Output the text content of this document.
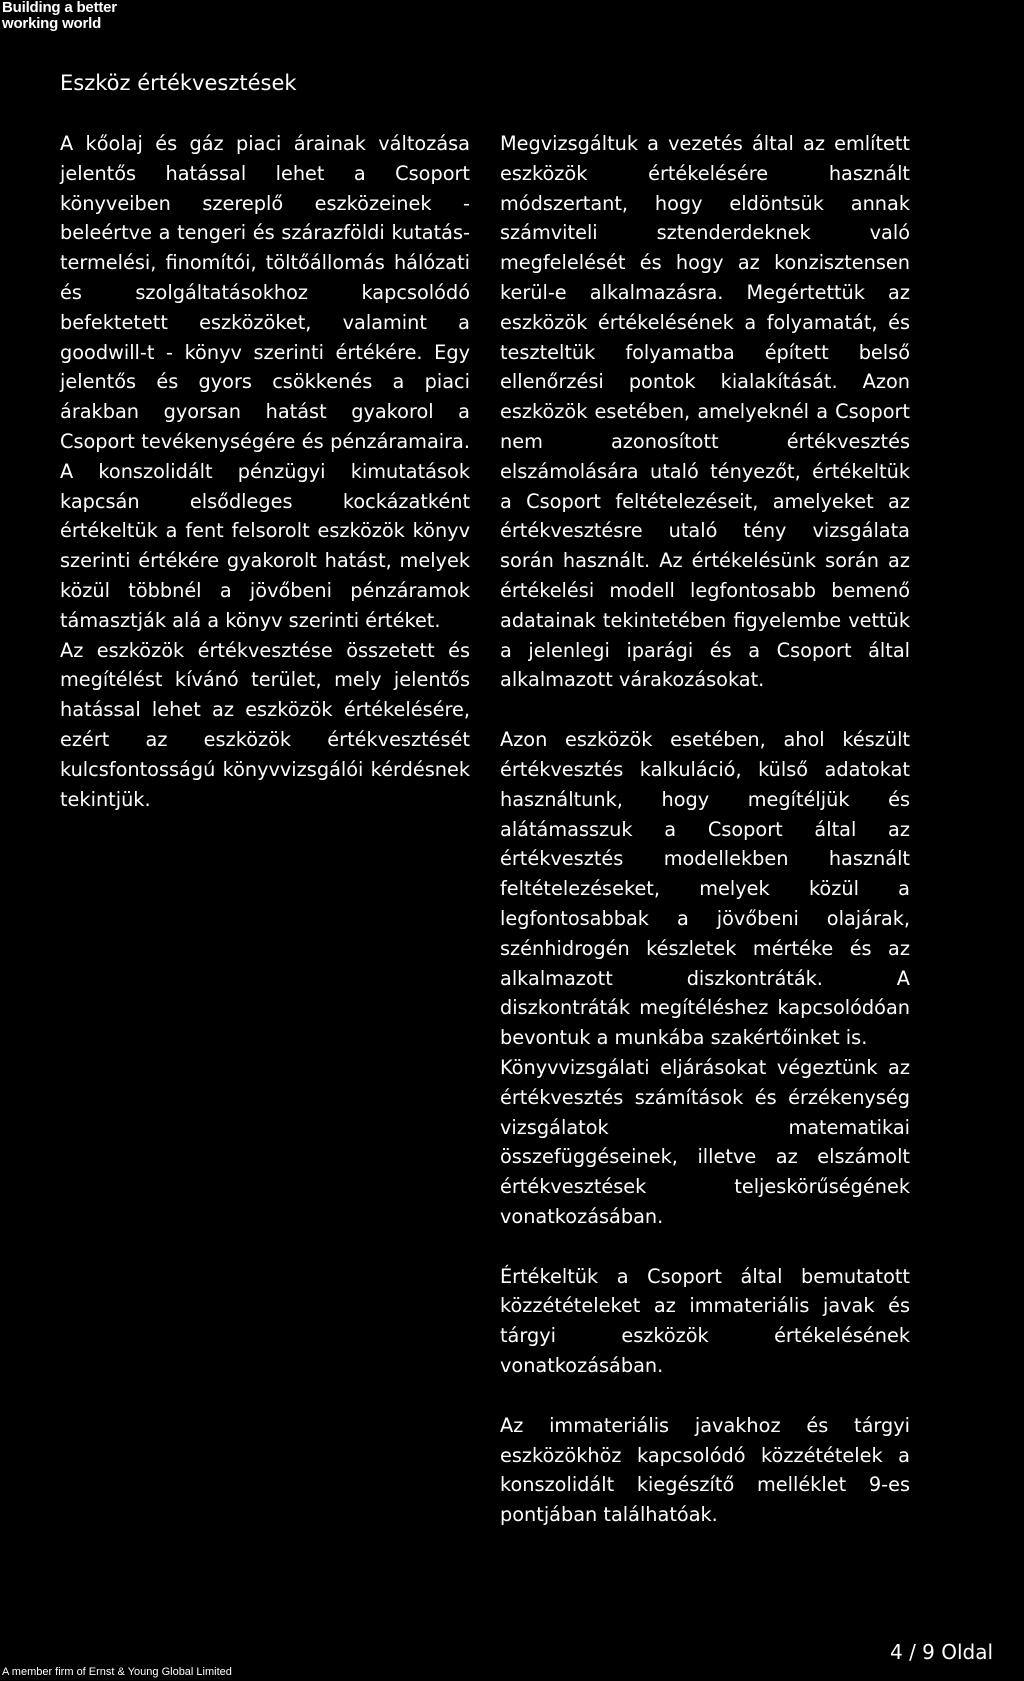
Building a better
working world
Eszköz értékvesztések

A kőolaj és gáz piaci árainak változása jelentős hatással lehet a Csoport könyveiben szereplő eszközeinek - beleértve a tengeri és szárazföldi kutatás-termelési, finomítói, töltőállomás hálózati és szolgáltatásokhoz kapcsolódó befektetett eszközöket, valamint a goodwill-t - könyv szerinti értékére. Egy jelentős és gyors csökkenés a piaci árakban gyorsan hatást gyakorol a Csoport tevékenységére és pénzáramaira. A konszolidált pénzügyi kimutatások kapcsán elsődleges kockázatként értékeltük a fent felsorolt eszközök könyv szerinti értékére gyakorolt hatást, melyek közül többnél a jövőbeni pénzáramok támasztják alá a könyv szerinti értéket.

Az eszközök értékvesztése összetett és megítélést kívánó terület, mely jelentős hatással lehet az eszközök értékelésére, ezért az eszközök értékvesztését kulcsfontosságú könyvvizsgálói kérdésnek tekintjük.

Megvizsgáltuk a vezetés által az említett eszközök értékelésére használt módszertant, hogy eldöntsük annak számviteli sztenderdeknek való megfelelését és hogy az konzisztensen kerül-e alkalmazásra. Megértettük az eszközök értékelésének a folyamatát, és teszteltük folyamatba épített belső ellenőrzési pontok kialakítását. Azon eszközök esetében, amelyeknél a Csoport nem azonosított értékvesztés elszámolására utaló tényezőt, értékeltük a Csoport feltételezéseit, amelyeket az értékvesztésre utaló tény vizsgálata során használt. Az értékelésünk során az értékelési modell legfontosabb bemenő adatainak tekintetében figyelembe vettük a jelenlegi iparági és a Csoport által alkalmazott várakozásokat.

Azon eszközök esetében, ahol készült értékvesztés kalkuláció, külső adatokat használtunk, hogy megítéljük és alátámasszuk a Csoport által az értékvesztés modellekben használt feltételezéseket, melyek közül a legfontosabbak a jövőbeni olajárak, szénhidrogén készletek mértéke és az alkalmazott diszkontráták. A diszkontráták megítéléshez kapcsolódóan bevontuk a munkába szakértőinket is.

Könyvvizsgálati eljárásokat végeztünk az értékvesztés számítások és érzékenység vizsgálatok matematikai összefüggéseinek, illetve az elszámolt értékvesztések teljeskörűségének vonatkozásában.

Értékeltük a Csoport által bemutatott közzétételeket az immateriális javak és tárgyi eszközök értékelésének vonatkozásában.

Az immateriális javakhoz és tárgyi eszközökhöz kapcsolódó közzétételek a konszolidált kiegészítő melléklet 9-es pontjában találhatóak.

4 / 9 Oldal
A member firm of Ernst & Young Global Limited
